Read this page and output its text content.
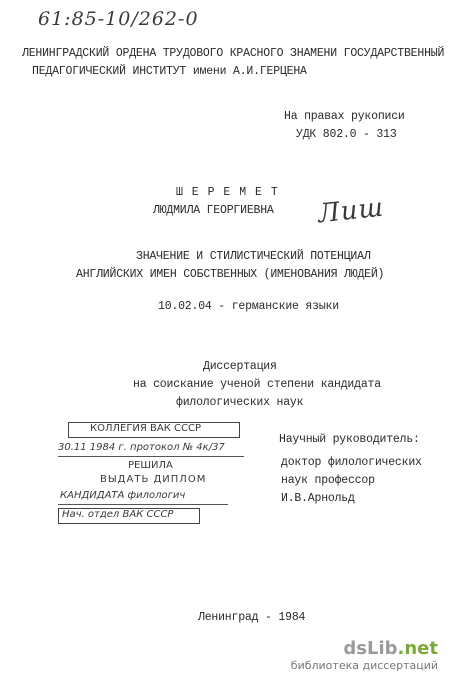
61:85-10/262-0
ЛЕНИНГРАДСКИЙ ОРДЕНА ТРУДОВОГО КРАСНОГО ЗНАМЕНИ ГОСУДАРСТВЕННЫЙ
ПЕДАГОГИЧЕСКИЙ ИНСТИТУТ имени А.И.ГЕРЦЕНА
На правах рукописи
УДК 802.0 - 313
Ш Е Р Е М Е Т
ЛЮДМИЛА ГЕОРГИЕВНА Лиш
ЗНАЧЕНИЕ И СТИЛИСТИЧЕСКИЙ ПОТЕНЦИАЛ
АНГЛИЙСКИХ ИМЕН СОБСТВЕННЫХ (ИМЕНОВАНИЯ ЛЮДЕЙ)
10.02.04 - германские языки
Диссертация
на соискание ученой степени кандидата
филологических наук
Научный руководитель:
доктор филологических
наук профессор
И.В.Арнольд
КОЛЛЕГИЯ ВАК СССР
30.11 1984 г. протокол № 4к/37
РЕШИЛА
ВЫДАТЬ ДИПЛОМ
КАНДИДАТА филологич
Нач. отдел ВАК СССР
Ленинград - 1984
dsLib.net
библиотека диссертаций
